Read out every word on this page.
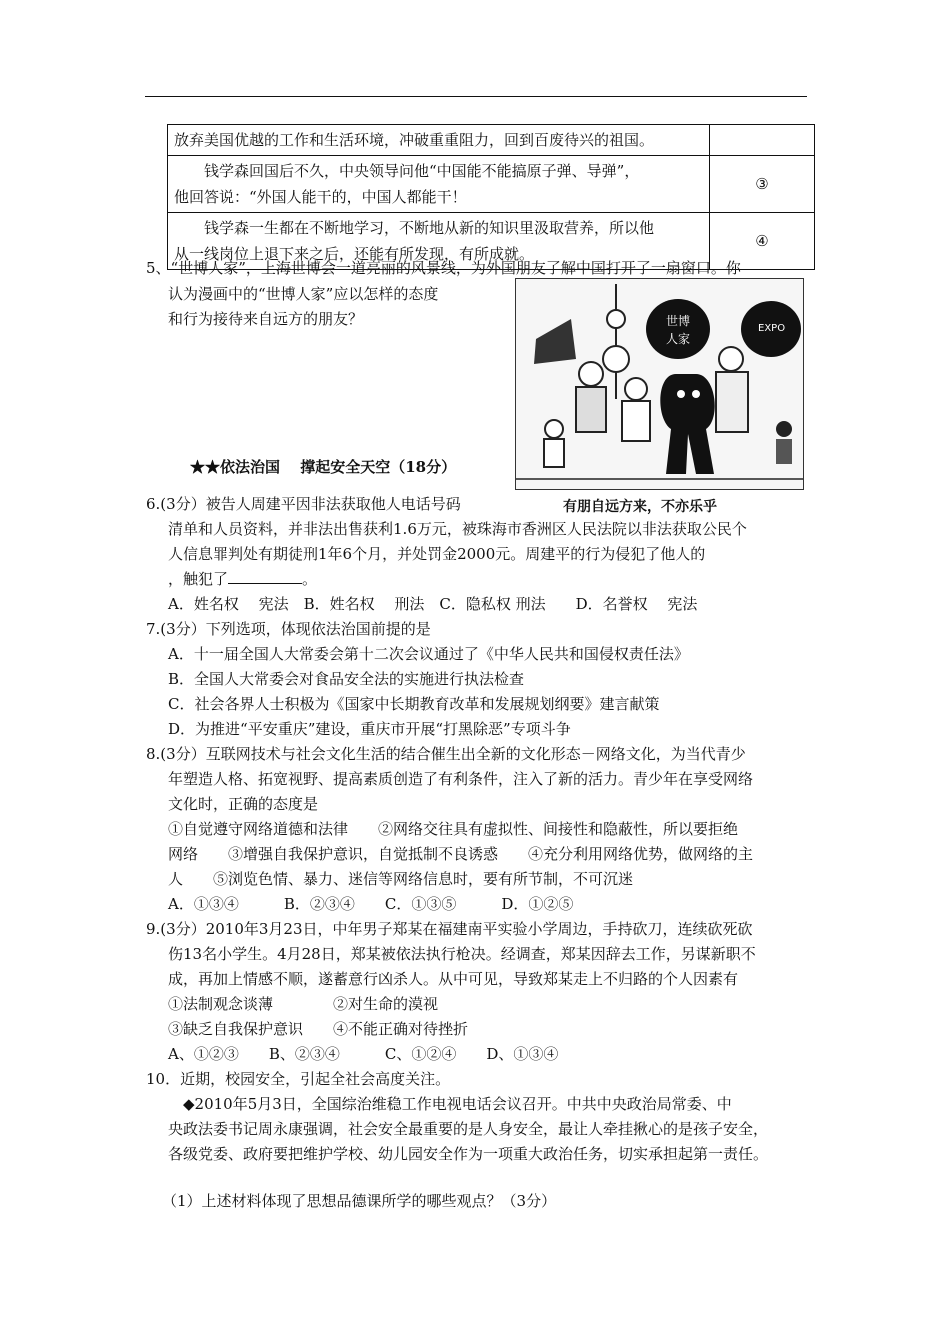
放弃美国优越的工作和生活环境，冲破重重阻力，回到百废待兴的祖国。	
　　钱学森回国后不久，中央领导问他“中国能不能搞原子弹、导弹”，
他回答说：“外国人能干的，中国人都能干！	③
　　钱学森一生都在不断地学习，不断地从新的知识里汲取营养，所以他
从一线岗位上退下来之后，还能有所发现，有所成就。	④
5、“世博人家”，上海世博会一道亮丽的风景线，为外国朋友了解中国打开了一扇窗口。你
认为漫画中的“世博人家”应以怎样的态度
和行为接待来自远方的朋友？	世博
人家
EXPO
有朋自远方来，不亦乐乎
★★依法治国　 撑起安全天空（18分）
6.(3分）被告人周建平因非法获取他人电话号码
清单和人员资料，并非法出售获利1.6万元，被珠海市香洲区人民法院以非法获取公民个
人信息罪判处有期徒刑1年6个月，并处罚金2000元。周建平的行为侵犯了他人的
，触犯了	。
A．姓名权　 宪法　B．姓名权　 刑法　C．隐私权 刑法　　D．名誉权　 宪法
7.(3分）下列选项，体现依法治国前提的是
A．十一届全国人大常委会第十二次会议通过了《中华人民共和国侵权责任法》
B．全国人大常委会对食品安全法的实施进行执法检查
C．社会各界人士积极为《国家中长期教育改革和发展规划纲要》建言献策
D．为推进“平安重庆”建设，重庆市开展“打黑除恶”专项斗争
8.(3分）互联网技术与社会文化生活的结合催生出全新的文化形态－网络文化，为当代青少
年塑造人格、拓宽视野、提高素质创造了有利条件，注入了新的活力。青少年在享受网络
文化时，正确的态度是
①自觉遵守网络道德和法律　　②网络交往具有虚拟性、间接性和隐蔽性，所以要拒绝
网络　　③增强自我保护意识，自觉抵制不良诱惑　　④充分利用网络优势，做网络的主
人　　⑤浏览色情、暴力、迷信等网络信息时，要有所节制，不可沉迷
A．①③④　　　B．②③④　　C．①③⑤　　　D．①②⑤
9.(3分）2010年3月23日，中年男子郑某在福建南平实验小学周边，手持砍刀，连续砍死砍
伤13名小学生。4月28日，郑某被依法执行枪决。经调查，郑某因辞去工作，另谋新职不
成，再加上情感不顺，遂蓄意行凶杀人。从中可见，导致郑某走上不归路的个人因素有
①法制观念谈薄　　　　②对生命的漠视
③缺乏自我保护意识　　④不能正确对待挫折
A、①②③　　B、②③④　　　C、①②④　　D、①③④
10．近期，校园安全，引起全社会高度关注。
　◆2010年5月3日，全国综治维稳工作电视电话会议召开。中共中央政治局常委、中
央政法委书记周永康强调，社会安全最重要的是人身安全，最让人牵挂揪心的是孩子安全，
各级党委、政府要把维护学校、幼儿园安全作为一项重大政治任务，切实承担起第一责任。
（1）上述材料体现了思想品德课所学的哪些观点？（3分）
